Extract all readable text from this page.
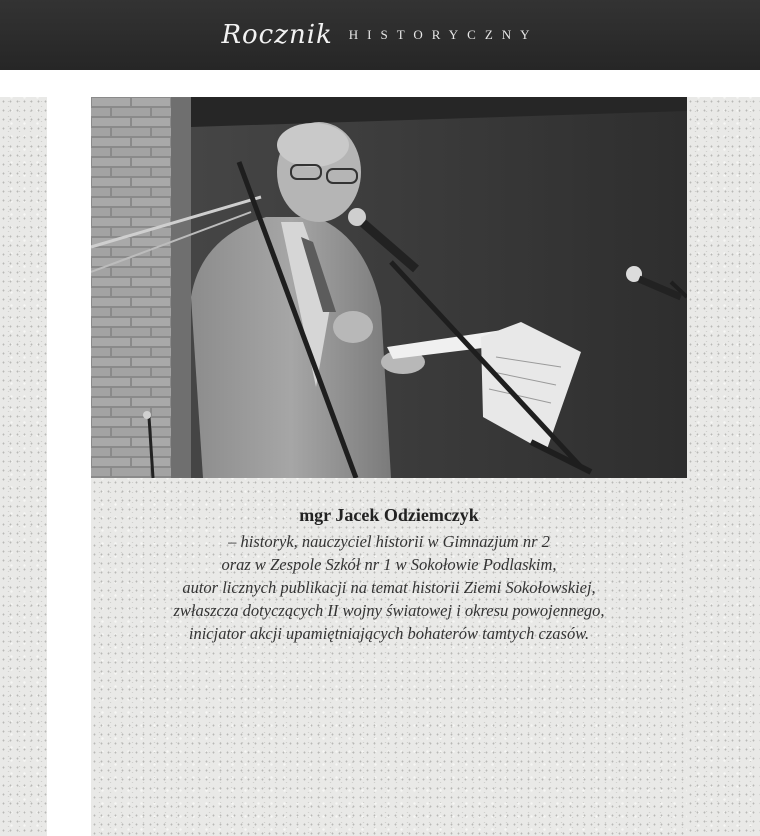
Rocznik HISTORYCZNY
mgr Jacek Odziemczyk
– historyk, nauczyciel historii w Gimnazjum nr 2
oraz w Zespole Szkół nr 1 w Sokołowie Podlaskim,
autor licznych publikacji na temat historii Ziemi Sokołowskiej,
zwłaszcza dotyczących II wojny światowej i okresu powojennego,
inicjator akcji upamiętniających bohaterów tamtych czasów.
